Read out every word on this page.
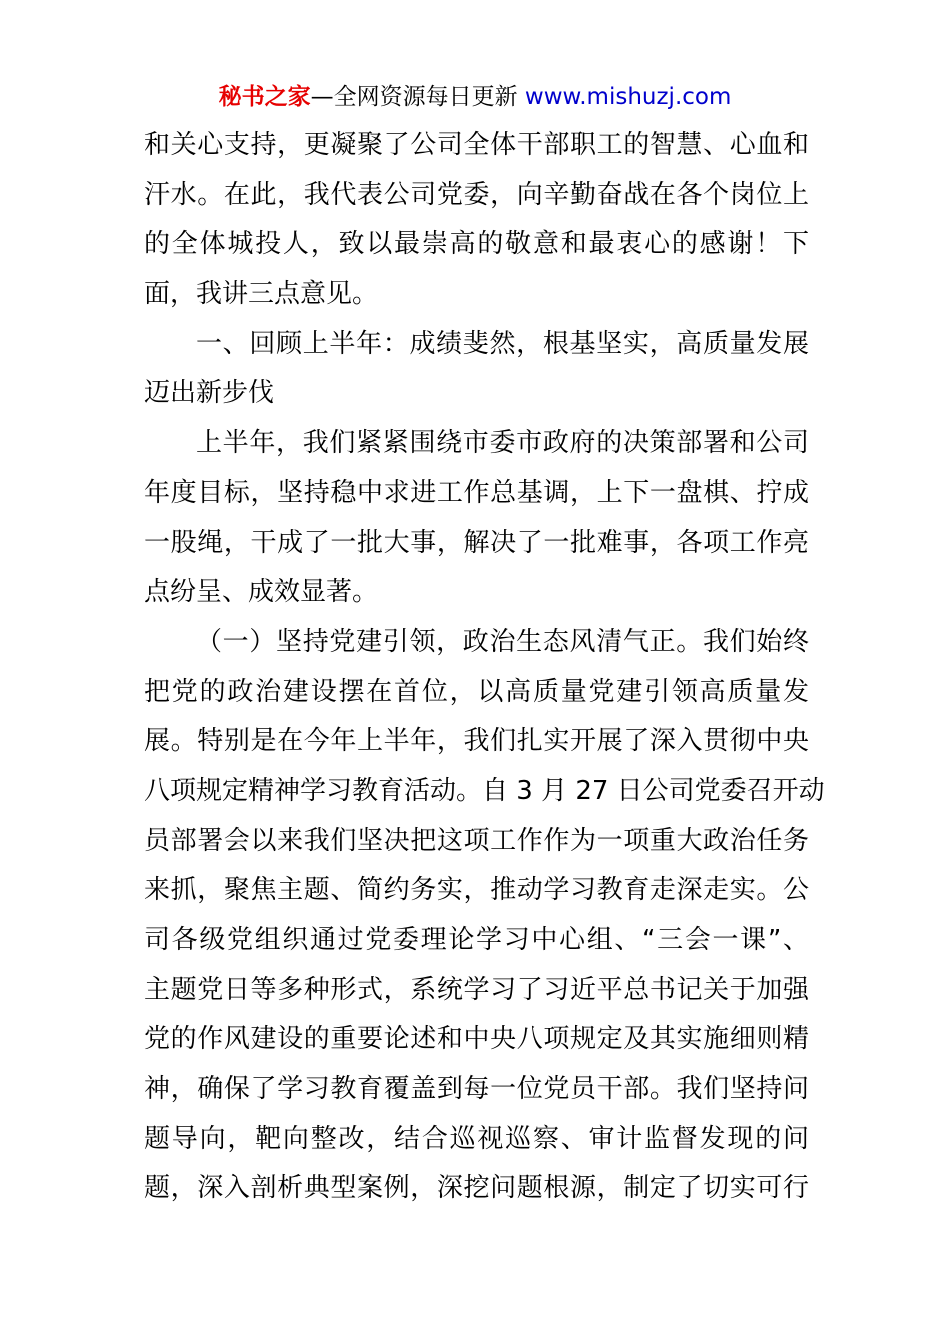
秘书之家—全网资源每日更新 www.mishuzj.com
和关心支持，更凝聚了公司全体干部职工的智慧、心血和
汗水。在此，我代表公司党委，向辛勤奋战在各个岗位上
的全体城投人，致以最崇高的敬意和最衷心的感谢！下
面，我讲三点意见。
一、回顾上半年：成绩斐然，根基坚实，高质量发展
迈出新步伐
上半年，我们紧紧围绕市委市政府的决策部署和公司
年度目标，坚持稳中求进工作总基调，上下一盘棋、拧成
一股绳，干成了一批大事，解决了一批难事，各项工作亮
点纷呈、成效显著。
（一）坚持党建引领，政治生态风清气正。我们始终
把党的政治建设摆在首位，以高质量党建引领高质量发
展。特别是在今年上半年，我们扎实开展了深入贯彻中央
八项规定精神学习教育活动。自 3 月 27 日公司党委召开动
员部署会以来我们坚决把这项工作作为一项重大政治任务
来抓，聚焦主题、简约务实，推动学习教育走深走实。公
司各级党组织通过党委理论学习中心组、“三会一课”、
主题党日等多种形式，系统学习了习近平总书记关于加强
党的作风建设的重要论述和中央八项规定及其实施细则精
神，确保了学习教育覆盖到每一位党员干部。我们坚持问
题导向，靶向整改，结合巡视巡察、审计监督发现的问
题，深入剖析典型案例，深挖问题根源，制定了切实可行
